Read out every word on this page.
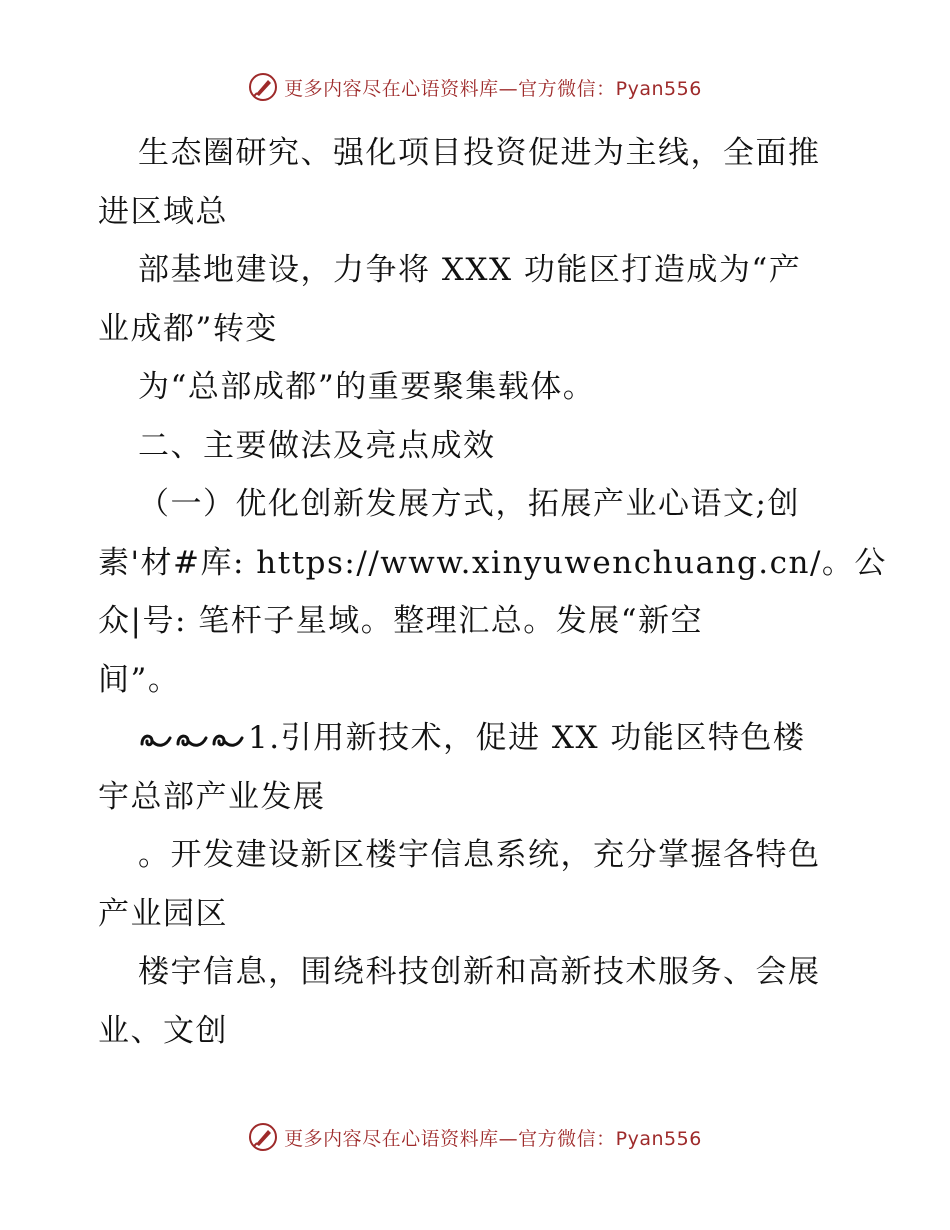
更多内容尽在心语资料库—官方微信：Pyan556
生态圈研究、强化项目投资促进为主线，全面推
进区域总
部基地建设，力争将 XXX 功能区打造成为“产
业成都”转变
为“总部成都”的重要聚集载体。
二、主要做法及亮点成效
（一）优化创新发展方式，拓展产业心语文;创
素'材#库: https://www.xinyuwenchuang.cn/。公
众|号: 笔杆子星域。整理汇总。发展“新空
间”。
1.引用新技术，促进 XX 功能区特色楼
宇总部产业发展
。开发建设新区楼宇信息系统，充分掌握各特色
产业园区
楼宇信息，围绕科技创新和高新技术服务、会展
业、文创
更多内容尽在心语资料库—官方微信：Pyan556
